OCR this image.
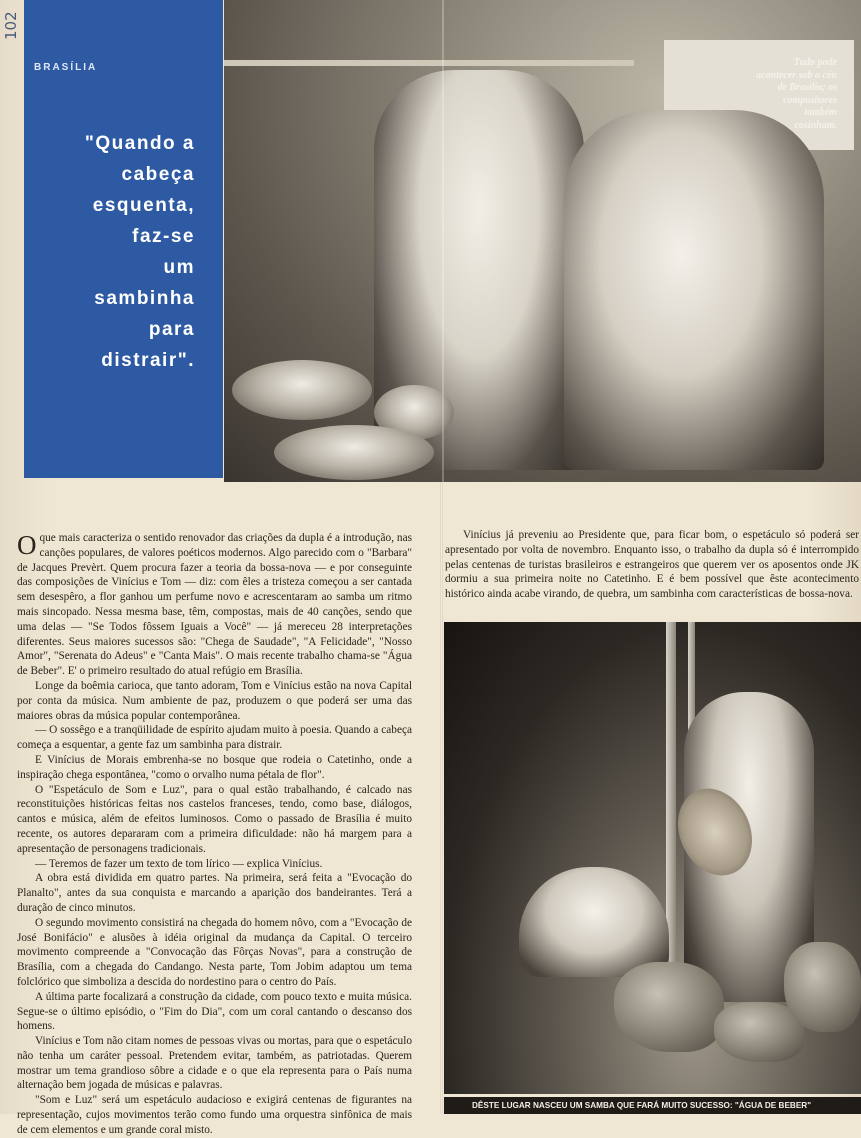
102
BRASÍLIA
"Quando a
cabeça
esquenta,
faz-se
um
sambinha
para
distrair".
Tudo pode
acontecer sob o céu
de Brasília; os
compositores
também
cosinham.

Oque mais caracteriza o sentido renovador das criações da dupla é a introdução, nas canções populares, de valores poéticos modernos. Algo parecido com o "Barbara" de Jacques Prevèrt. Quem procura fazer a teoria da bossa-nova — e por conseguinte das composições de Vinícius e Tom — diz: com êles a tristeza começou a ser cantada sem desespêro, a flor ganhou um perfume novo e acrescentaram ao samba um ritmo mais sincopado. Nessa mesma base, têm, compostas, mais de 40 canções, sendo que uma delas — "Se Todos fôssem Iguais a Você" — já mereceu 28 interpretações diferentes. Seus maiores sucessos são: "Chega de Saudade", "A Felicidade", "Nosso Amor", "Serenata do Adeus" e "Canta Mais". O mais recente trabalho chama-se "Água de Beber". E' o primeiro resultado do atual refúgio em Brasília.

Longe da boêmia carioca, que tanto adoram, Tom e Vinícius estão na nova Capital por conta da música. Num ambiente de paz, produzem o que poderá ser uma das maiores obras da música popular contemporânea.

— O sossêgo e a tranqüilidade de espírito ajudam muito à poesia. Quando a cabeça começa a esquentar, a gente faz um sambinha para distrair.

E Vinícius de Morais embrenha-se no bosque que rodeia o Catetinho, onde a inspiração chega espontânea, "como o orvalho numa pétala de flor".

O "Espetáculo de Som e Luz", para o qual estão trabalhando, é calcado nas reconstituições históricas feitas nos castelos franceses, tendo, como base, diálogos, cantos e música, além de efeitos luminosos. Como o passado de Brasília é muito recente, os autores depararam com a primeira dificuldade: não há margem para a apresentação de personagens tradicionais.

— Teremos de fazer um texto de tom lírico — explica Vinícius.

A obra está dividida em quatro partes. Na primeira, será feita a "Evocação do Planalto", antes da sua conquista e marcando a aparição dos bandeirantes. Terá a duração de cinco minutos.

O segundo movimento consistirá na chegada do homem nôvo, com a "Evocação de José Bonifácio" e alusões à idéia original da mudança da Capital. O terceiro movimento compreende a "Convocação das Fôrças Novas", para a construção de Brasília, com a chegada do Candango. Nesta parte, Tom Jobim adaptou um tema folclórico que simboliza a descida do nordestino para o centro do País.

A última parte focalizará a construção da cidade, com pouco texto e muita música. Segue-se o último episódio, o "Fim do Dia", com um coral cantando o descanso dos homens.

Vinícius e Tom não citam nomes de pessoas vivas ou mortas, para que o espetáculo não tenha um caráter pessoal. Pretendem evitar, também, as patriotadas. Querem mostrar um tema grandioso sôbre a cidade e o que ela representa para o País numa alternação bem jogada de músicas e palavras.

"Som e Luz" será um espetáculo audacioso e exigirá centenas de figurantes na representação, cujos movimentos terão como fundo uma orquestra sinfônica de mais de cem elementos e um grande coral misto.

Vinícius já preveniu ao Presidente que, para ficar bom, o espetáculo só poderá ser apresentado por volta de novembro. Enquanto isso, o trabalho da dupla só é interrompido pelas centenas de turistas brasileiros e estrangeiros que querem ver os aposentos onde JK dormiu a sua primeira noite no Catetinho. E é bem possível que êste acontecimento histórico ainda acabe virando, de quebra, um sambinha com características de bossa-nova.

DÊSTE LUGAR NASCEU UM SAMBA QUE FARÁ MUITO SUCESSO: "ÁGUA DE BEBER"
